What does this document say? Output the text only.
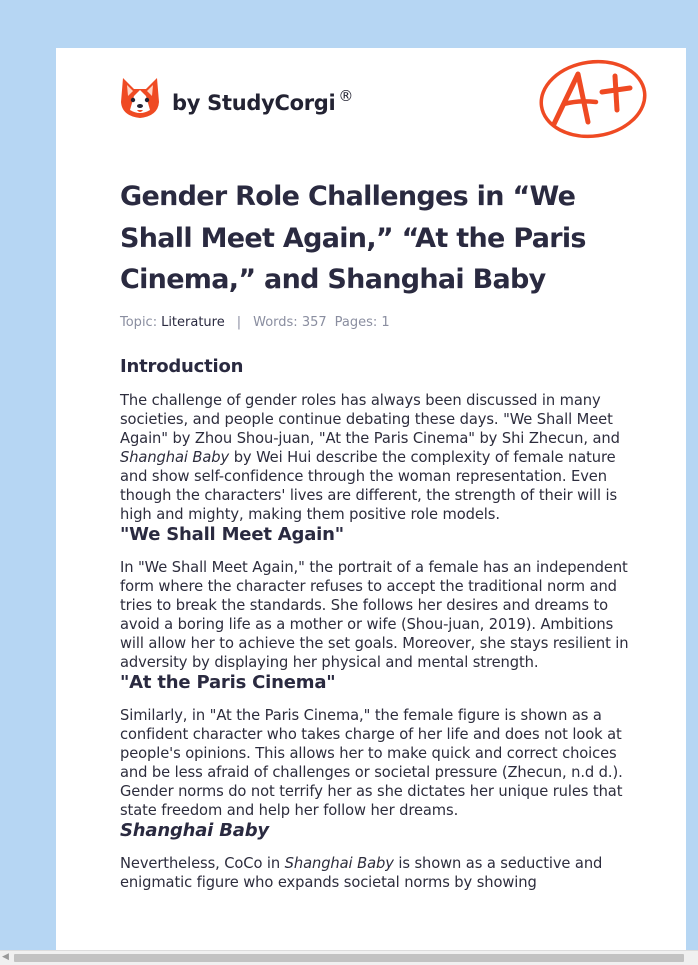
by StudyCorgi ®
Gender Role Challenges in “We Shall Meet Again,” “At the Paris Cinema,” and Shanghai Baby
Topic: Literature | Words: 357 Pages: 1
Introduction

The challenge of gender roles has always been discussed in many societies, and people continue debating these days. "We Shall Meet Again" by Zhou Shou-juan, "At the Paris Cinema" by Shi Zhecun, and Shanghai Baby by Wei Hui describe the complexity of female nature and show self-confidence through the woman representation. Even though the characters' lives are different, the strength of their will is high and mighty, making them positive role models.

"We Shall Meet Again"

In "We Shall Meet Again," the portrait of a female has an independent form where the character refuses to accept the traditional norm and tries to break the standards. She follows her desires and dreams to avoid a boring life as a mother or wife (Shou-juan, 2019). Ambitions will allow her to achieve the set goals. Moreover, she stays resilient in adversity by displaying her physical and mental strength.

"At the Paris Cinema"

Similarly, in "At the Paris Cinema," the female figure is shown as a confident character who takes charge of her life and does not look at people's opinions. This allows her to make quick and correct choices and be less afraid of challenges or societal pressure (Zhecun, n.d d.). Gender norms do not terrify her as she dictates her unique rules that state freedom and help her follow her dreams.

Shanghai Baby

Nevertheless, CoCo in Shanghai Baby is shown as a seductive and enigmatic figure who expands societal norms by showing

◀
